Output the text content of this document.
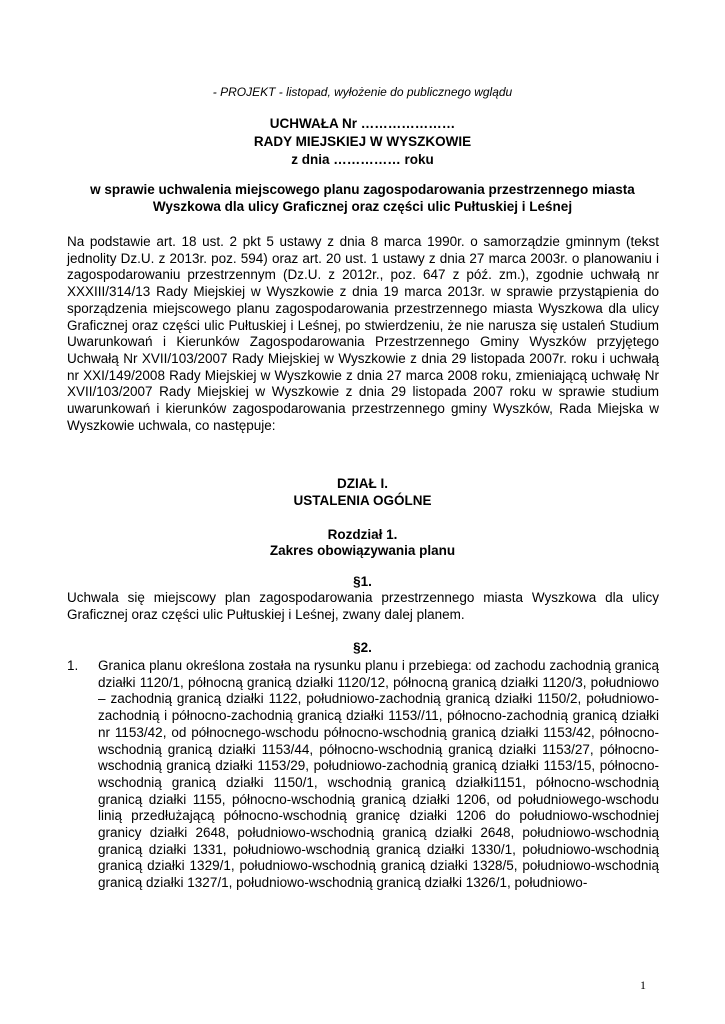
- PROJEKT - listopad, wyłożenie do publicznego wglądu
UCHWAŁA Nr …………………
RADY MIEJSKIEJ W WYSZKOWIE
z dnia …………… roku
w sprawie uchwalenia miejscowego planu zagospodarowania przestrzennego miasta
Wyszkowa dla ulicy Graficznej oraz części ulic Pułtuskiej i Leśnej
Na podstawie art. 18 ust. 2 pkt 5 ustawy z dnia 8 marca 1990r. o samorządzie gminnym (tekst jednolity Dz.U. z 2013r. poz. 594) oraz art. 20 ust. 1 ustawy z dnia 27 marca 2003r. o planowaniu i zagospodarowaniu przestrzennym (Dz.U. z 2012r., poz. 647 z póź. zm.), zgodnie uchwałą nr XXXIII/314/13 Rady Miejskiej w Wyszkowie z dnia 19 marca 2013r. w sprawie przystąpienia do sporządzenia miejscowego planu zagospodarowania przestrzennego miasta Wyszkowa dla ulicy Graficznej oraz części ulic Pułtuskiej i Leśnej, po stwierdzeniu, że nie narusza się ustaleń Studium Uwarunkowań i Kierunków Zagospodarowania Przestrzennego Gminy Wyszków przyjętego Uchwałą Nr XVII/103/2007 Rady Miejskiej w Wyszkowie z dnia 29 listopada 2007r. roku i uchwałą nr XXI/149/2008 Rady Miejskiej w Wyszkowie z dnia 27 marca 2008 roku, zmieniającą uchwałę Nr XVII/103/2007 Rady Miejskiej w Wyszkowie z dnia 29 listopada 2007 roku w sprawie studium uwarunkowań i kierunków zagospodarowania przestrzennego gminy Wyszków, Rada Miejska w Wyszkowie uchwala, co następuje:
DZIAŁ I.
USTALENIA OGÓLNE
Rozdział 1.
Zakres obowiązywania planu
§1.
Uchwala się miejscowy plan zagospodarowania przestrzennego miasta Wyszkowa dla ulicy Graficznej oraz części ulic Pułtuskiej i Leśnej, zwany dalej planem.
§2.
1.	Granica planu określona została na rysunku planu i przebiega: od zachodu zachodnią granicą działki 1120/1, północną granicą działki 1120/12, północną granicą działki 1120/3, południowo – zachodnią granicą działki 1122, południowo-zachodnią granicą działki 1150/2, południowo-zachodnią i północno-zachodnią granicą działki 1153//11, północno-zachodnią granicą działki nr 1153/42, od północnego-wschodu północno-wschodnią granicą działki 1153/42, północno-wschodnią granicą działki 1153/44, północno-wschodnią granicą działki 1153/27, północno-wschodnią granicą działki 1153/29, południowo-zachodnią granicą działki 1153/15, północno-wschodnią granicą działki 1150/1, wschodnią granicą działki1151, północno-wschodnią granicą działki 1155, północno-wschodnią granicą działki 1206, od południowego-wschodu linią przedłużającą północno-wschodnią granicę działki 1206 do południowo-wschodniej granicy działki 2648, południowo-wschodnią granicą działki 2648, południowo-wschodnią granicą działki 1331, południowo-wschodnią granicą działki 1330/1, południowo-wschodnią granicą działki 1329/1, południowo-wschodnią granicą działki 1328/5, południowo-wschodnią granicą działki 1327/1, południowo-wschodnią granicą działki 1326/1, południowo-
1
